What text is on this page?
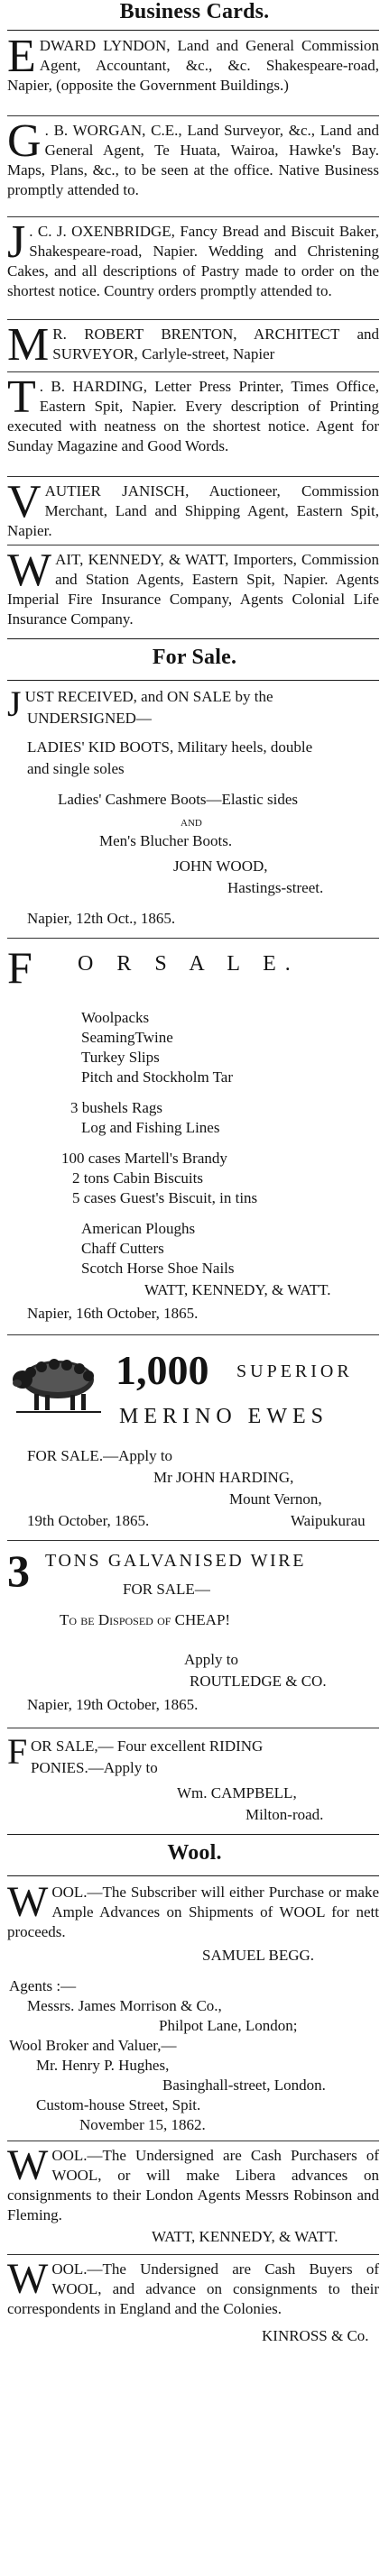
Business Cards.
E DWARD LYNDON, Land and General Commission Agent, Accountant, &c., &c. Shakespeare-road, Napier, (opposite the Government Buildings.)

G . B. WORGAN, C.E., Land Surveyor, &c., Land and General Agent, Te Huata, Wairoa, Hawke's Bay. Maps, Plans, &c., to be seen at the office. Native Business promptly attended to.

J . C. J. OXENBRIDGE, Fancy Bread and Biscuit Baker, Shakespeare-road, Napier. Wedding and Christening Cakes, and all descriptions of Pastry made to order on the shortest notice. Country orders promptly attended to.

M R. ROBERT BRENTON, ARCHITECT and SURVEYOR, Carlyle-street, Napier

T . B. HARDING, Letter Press Printer, Times Office, Eastern Spit, Napier. Every description of Printing executed with neatness on the shortest notice. Agent for Sunday Magazine and Good Words.

V AUTIER JANISCH, Auctioneer, Commission Merchant, Land and Shipping Agent, Eastern Spit, Napier.

W AIT, KENNEDY, & WATT, Importers, Commission and Station Agents, Eastern Spit, Napier. Agents Imperial Fire Insurance Company, Agents Colonial Life Insurance Company.

For Sale.
J UST RECEIVED, and ON SALE by the

UNDERSIGNED—
LADIES' KID BOOTS, Military heels, double
and single soles
Ladies' Cashmere Boots—Elastic sides
AND
Men's Blucher Boots.
JOHN WOOD,
Hastings-street.
Napier, 12th Oct., 1865.
F O R S A L E.
Woolpacks
SeamingTwine
Turkey Slips
Pitch and Stockholm Tar
3 bushels Rags
Log and Fishing Lines
100 cases Martell's Brandy
2 tons Cabin Biscuits
5 cases Guest's Biscuit, in tins
American Ploughs
Chaff Cutters
Scotch Horse Shoe Nails
WATT, KENNEDY, & WATT.
Napier, 16th October, 1865.
1,000 SUPERIOR
MERINO EWES
FOR SALE.—Apply to
Mr JOHN HARDING,
Mount Vernon,
19th October, 1865.	Waipukurau
3 TONS GALVANISED WIRE
FOR SALE—
To be Disposed of CHEAP!
Apply to
ROUTLEDGE & CO.
Napier, 19th October, 1865.
F OR SALE,— Four excellent RIDING
PONIES.—Apply to
Wm. CAMPBELL,
Milton-road.
Wool.
W OOL.—The Subscriber will either Purchase or make Ample Advances on Shipments of WOOL for nett proceeds.

SAMUEL BEGG.
Agents :—
Messrs. James Morrison & Co.,
Philpot Lane, London;
Wool Broker and Valuer,—
Mr. Henry P. Hughes,
Basinghall-street, London.
Custom-house Street, Spit.
November 15, 1862.
W OOL.—The Undersigned are Cash Purchasers of WOOL, or will make Libera advances on consignments to their London Agents Messrs Robinson and Fleming.

WATT, KENNEDY, & WATT.
W OOL.—The Undersigned are Cash Buyers of WOOL, and advance on consignments to their correspondents in England and the Colonies.

KINROSS & Co.
